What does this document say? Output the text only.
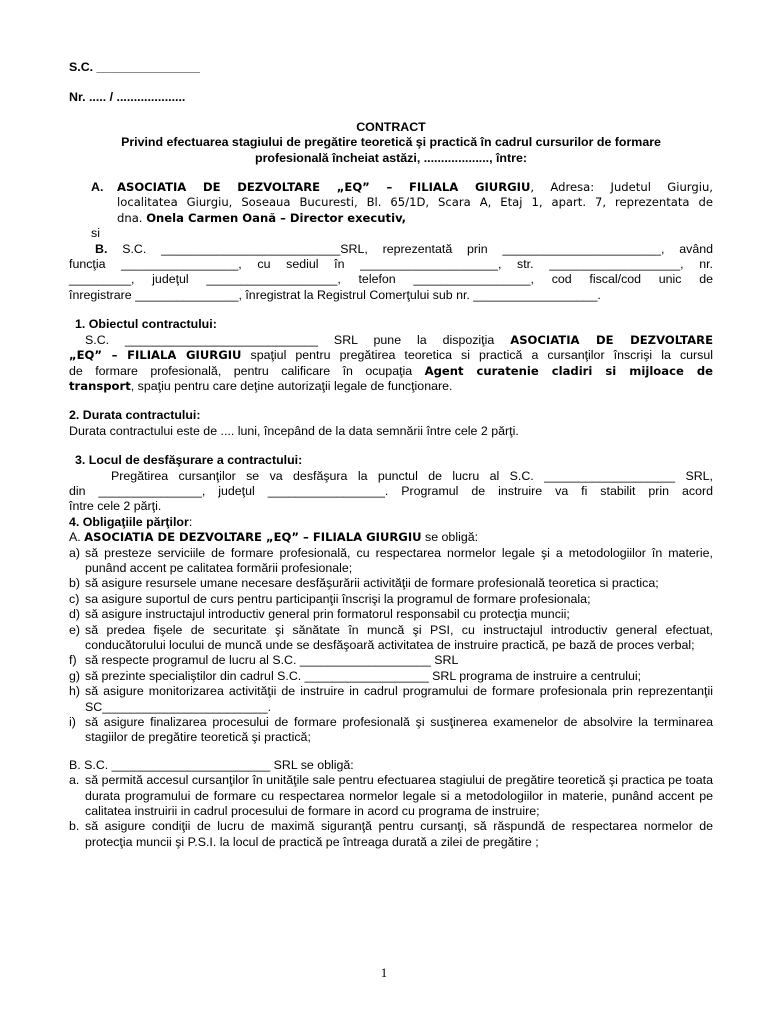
S.C. _______________

Nr. ..... / ....................

CONTRACT

Privind efectuarea stagiului de pregătire teoretică şi practică în cadrul cursurilor de formare

profesională încheiat astăzi, ..................., între:

A.	ASOCIATIA DE DEZVOLTARE „EQ” – FILIALA GIURGIU, Adresa: Judetul Giurgiu,

localitatea Giurgiu, Soseaua Bucuresti, Bl. 65/1D, Scara A, Etaj 1, apart. 7, reprezentata de

dna. Onela Carmen Oană – Director executiv,

si

B. S.C. __________________________SRL, reprezentată prin _______________________, având

funcţia _________________, cu sediul în ____________________, str. ___________________, nr.

_________, judeţul ___________________, telefon _________________, cod fiscal/cod unic de

înregistrare _______________, înregistrat la Registrul Comerţului sub nr. __________________.

1. Obiectul contractului:

S.C. ____________________________ SRL pune la dispoziţia ASOCIATIA DE DEZVOLTARE

„EQ” – FILIALA GIURGIU spaţiul pentru pregătirea teoretica si practică a cursanţilor înscrişi la cursul

de formare profesională, pentru calificare în ocupaţia Agent curatenie cladiri si mijloace de

transport, spaţiu pentru care deţine autorizaţii legale de funcţionare.

2. Durata contractului:

Durata contractului este de .... luni, începând de la data semnării între cele 2 părţi.

3. Locul de desfăşurare a contractului:

Pregătirea cursanţilor se va desfăşura la punctul de lucru al S.C. ___________________ SRL,

din _______________, judeţul _________________. Programul de instruire va fi stabilit prin acord

între cele 2 părţi.

4. Obligaţiile părţilor:

A. ASOCIATIA DE DEZVOLTARE „EQ” – FILIALA GIURGIU se obligă:

a) să presteze serviciile de formare profesională, cu respectarea normelor legale şi a metodologiilor în materie, punând accent pe calitatea formării profesionale;
b) să asigure resursele umane necesare desfăşurării activităţii de formare profesională teoretica si practica;
c) sa asigure suportul de curs pentru participanţii înscrişi la programul de formare profesionala;
d) să asigure instructajul introductiv general prin formatorul responsabil cu protecţia muncii;
e) să predea fişele de securitate şi sănătate în muncă şi PSI, cu instructajul introductiv general efectuat, conducătorului locului de muncă unde se desfăşoară activitatea de instruire practică, pe bază de proces verbal;
f) să respecte programul de lucru al S.C. ___________________ SRL
g) să prezinte specialiştilor din cadrul S.C. __________________ SRL programa de instruire a centrului;
h) să asigure monitorizarea activităţii de instruire in cadrul programului de formare profesionala prin reprezentanţii SC________________________.
i) să asigure finalizarea procesului de formare profesională şi susţinerea examenelor de absolvire la terminarea stagiilor de pregătire teoretică şi practică;

B. S.C. _______________________ SRL se obligă:

a. să permită accesul cursanţilor în unităţile sale pentru efectuarea stagiului de pregătire teoretică şi practica pe toata durata programului de formare cu respectarea normelor legale si a metodologiilor in materie, punând accent pe calitatea instruirii in cadrul procesului de formare in acord cu programa de instruire;
b. să asigure condiţii de lucru de maximă siguranţă pentru cursanţi, să răspundă de respectarea normelor de protecţia muncii şi P.S.I. la locul de practică pe întreaga durată a zilei de pregătire ;
1
